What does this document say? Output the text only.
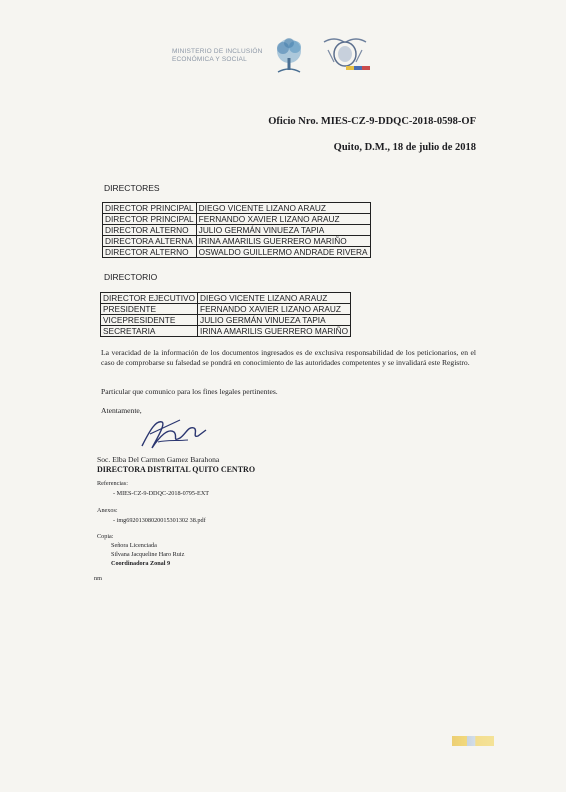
MINISTERIO DE INCLUSIÓN
ECONÓMICA Y SOCIAL
Oficio Nro. MIES-CZ-9-DDQC-2018-0598-OF
Quito, D.M., 18 de julio de 2018
DIRECTORES
DIRECTOR PRINCIPAL	DIEGO VICENTE LIZANO ARAUZ
DIRECTOR PRINCIPAL	FERNANDO XAVIER LIZANO ARAUZ
DIRECTOR ALTERNO	JULIO GERMÁN VINUEZA TAPIA
DIRECTORA ALTERNA	IRINA AMARILIS GUERRERO MARIÑO
DIRECTOR ALTERNO	OSWALDO GUILLERMO ANDRADE RIVERA
DIRECTORIO
DIRECTOR EJECUTIVO	DIEGO VICENTE LIZANO ARAUZ
PRESIDENTE	FERNANDO XAVIER LIZANO ARAUZ
VICEPRESIDENTE	JULIO GERMÁN VINUEZA TAPIA
SECRETARIA	IRINA AMARILIS GUERRERO MARIÑO
La veracidad de la información de los documentos ingresados es de exclusiva responsabilidad de los peticionarios, en el caso de comprobarse su falsedad se pondrá en conocimiento de las autoridades competentes y se invalidará este Registro.
Particular que comunico para los fines legales pertinentes.
Atentamente,
Soc. Elba Del Carmen Gamez Barahona
DIRECTORA DISTRITAL QUITO CENTRO
Referencias:
- MIES-CZ-9-DDQC-2018-0795-EXT
Anexos:
- img69201308020015301302 38.pdf
Copia:
Señora Licenciada
Silvana Jacqueline Haro Ruiz
Coordinadora Zonal 9
nm
